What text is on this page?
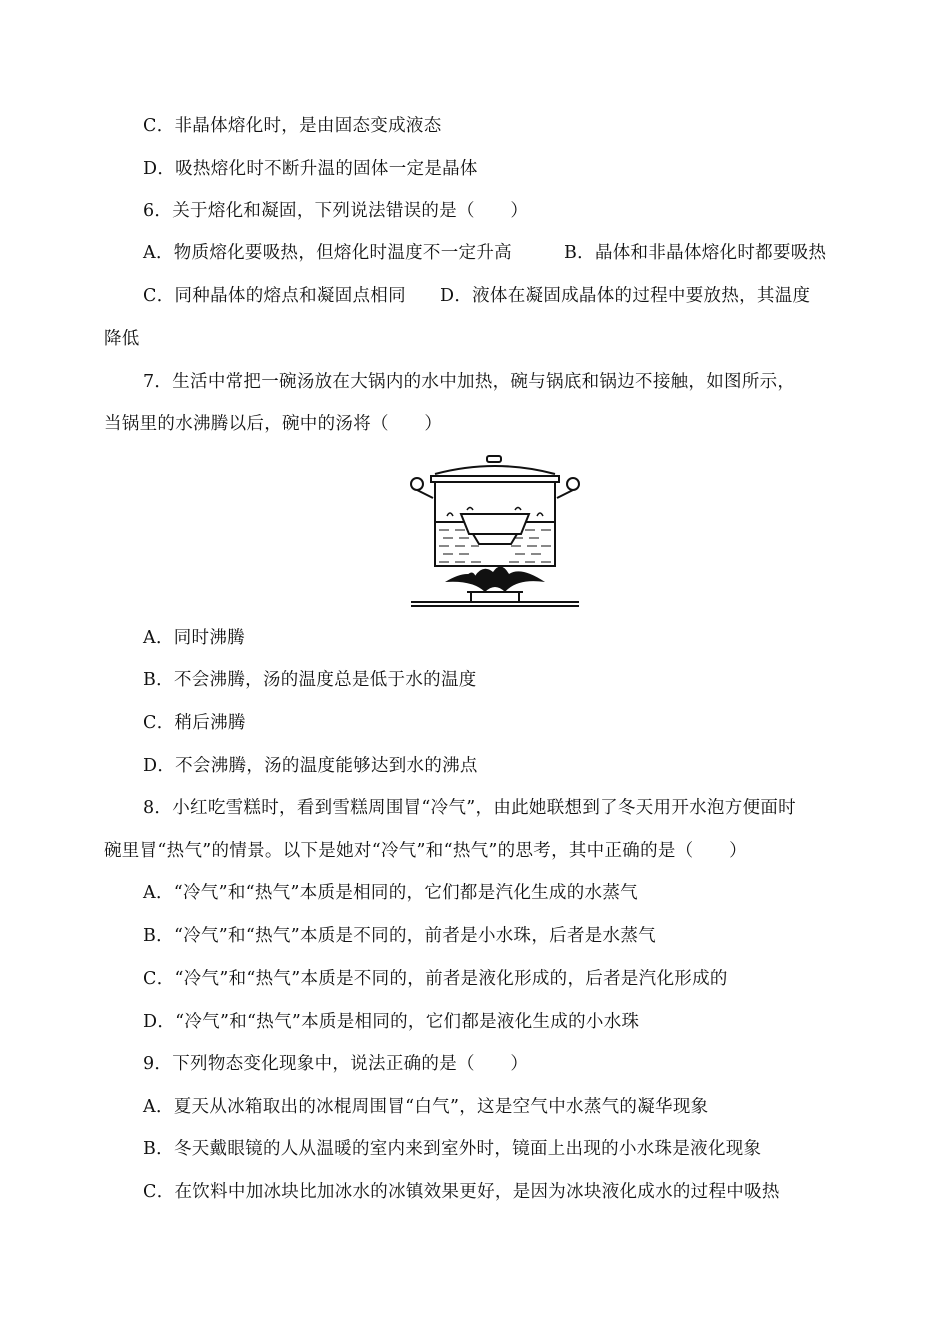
C．非晶体熔化时，是由固态变成液态
D．吸热熔化时不断升温的固体一定是晶体
6．关于熔化和凝固，下列说法错误的是（　　）
A．物质熔化要吸热，但熔化时温度不一定升高	B．晶体和非晶体熔化时都要吸热
C．同种晶体的熔点和凝固点相同 D．液体在凝固成晶体的过程中要放热，其温度
降低
7．生活中常把一碗汤放在大锅内的水中加热，碗与锅底和锅边不接触，如图所示，
当锅里的水沸腾以后，碗中的汤将（　　）
A．同时沸腾
B．不会沸腾，汤的温度总是低于水的温度
C．稍后沸腾
D．不会沸腾，汤的温度能够达到水的沸点
8．小红吃雪糕时，看到雪糕周围冒“冷气”，由此她联想到了冬天用开水泡方便面时
碗里冒“热气”的情景。以下是她对“冷气”和“热气”的思考，其中正确的是（　　）
A．“冷气”和“热气”本质是相同的，它们都是汽化生成的水蒸气
B．“冷气”和“热气”本质是不同的，前者是小水珠，后者是水蒸气
C．“冷气”和“热气”本质是不同的，前者是液化形成的，后者是汽化形成的
D．“冷气”和“热气”本质是相同的，它们都是液化生成的小水珠
9．下列物态变化现象中，说法正确的是（　　）
A．夏天从冰箱取出的冰棍周围冒“白气”，这是空气中水蒸气的凝华现象
B．冬天戴眼镜的人从温暖的室内来到室外时，镜面上出现的小水珠是液化现象
C．在饮料中加冰块比加冰水的冰镇效果更好，是因为冰块液化成水的过程中吸热
